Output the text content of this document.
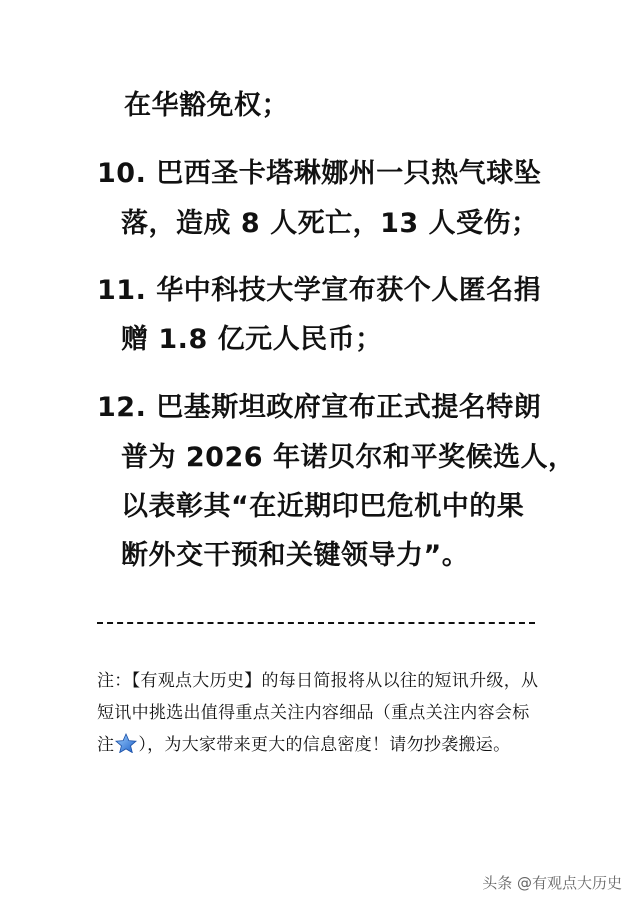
在华豁免权；
10. 巴西圣卡塔琳娜州一只热气球坠
落，造成 8 人死亡，13 人受伤；
11. 华中科技大学宣布获个人匿名捐
赠 1.8 亿元人民币；
12. 巴基斯坦政府宣布正式提名特朗
普为 2026 年诺贝尔和平奖候选人，
以表彰其“在近期印巴危机中的果
断外交干预和关键领导力”。
注：【有观点大历史】的每日简报将从以往的短讯升级，从短讯中挑选出值得重点关注内容细品（重点关注内容会标注 ），为大家带来更大的信息密度！请勿抄袭搬运。
头条 @有观点大历史
